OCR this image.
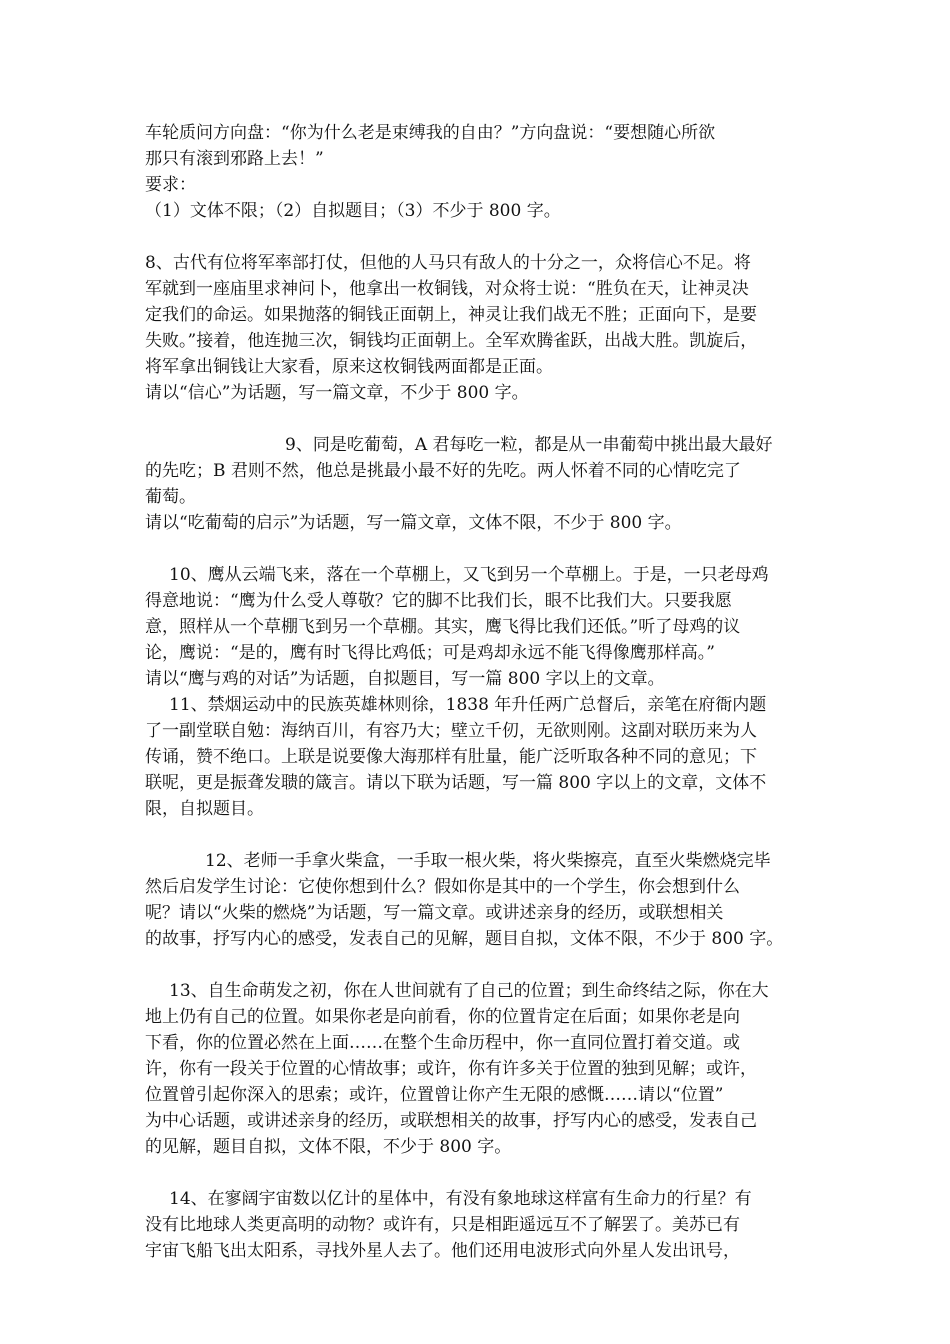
车轮质问方向盘：“你为什么老是束缚我的自由？”方向盘说：“要想随心所欲
那只有滚到邪路上去！”
要求：
（1）文体不限；（2）自拟题目；（3）不少于 800 字。
8、古代有位将军率部打仗，但他的人马只有敌人的十分之一，众将信心不足。将
军就到一座庙里求神问卜，他拿出一枚铜钱，对众将士说：“胜负在天，让神灵决
定我们的命运。如果抛落的铜钱正面朝上，神灵让我们战无不胜；正面向下，是要
失败。”接着，他连抛三次，铜钱均正面朝上。全军欢腾雀跃，出战大胜。凯旋后，
将军拿出铜钱让大家看，原来这枚铜钱两面都是正面。
请以“信心”为话题，写一篇文章，不少于 800 字。
9、同是吃葡萄，A 君每吃一粒，都是从一串葡萄中挑出最大最好
的先吃；B 君则不然，他总是挑最小最不好的先吃。两人怀着不同的心情吃完了
葡萄。
请以“吃葡萄的启示”为话题，写一篇文章，文体不限，不少于 800 字。
10、鹰从云端飞来，落在一个草棚上，又飞到另一个草棚上。于是，一只老母鸡
得意地说：“鹰为什么受人尊敬？它的脚不比我们长，眼不比我们大。只要我愿
意，照样从一个草棚飞到另一个草棚。其实，鹰飞得比我们还低。”听了母鸡的议
论，鹰说：“是的，鹰有时飞得比鸡低；可是鸡却永远不能飞得像鹰那样高。”
请以“鹰与鸡的对话”为话题，自拟题目，写一篇 800 字以上的文章。
11、禁烟运动中的民族英雄林则徐，1838 年升任两广总督后，亲笔在府衙内题
了一副堂联自勉：海纳百川，有容乃大；壁立千仞，无欲则刚。这副对联历来为人
传诵，赞不绝口。上联是说要像大海那样有肚量，能广泛听取各种不同的意见；下
联呢，更是振聋发聩的箴言。请以下联为话题，写一篇 800 字以上的文章，文体不
限，自拟题目。
12、老师一手拿火柴盒，一手取一根火柴，将火柴擦亮，直至火柴燃烧完毕
然后启发学生讨论：它使你想到什么？假如你是其中的一个学生，你会想到什么
呢？请以“火柴的燃烧”为话题，写一篇文章。或讲述亲身的经历，或联想相关
的故事，抒写内心的感受，发表自己的见解，题目自拟，文体不限，不少于 800 字。
13、自生命萌发之初，你在人世间就有了自己的位置；到生命终结之际，你在大
地上仍有自己的位置。如果你老是向前看，你的位置肯定在后面；如果你老是向
下看，你的位置必然在上面……在整个生命历程中，你一直同位置打着交道。或
许，你有一段关于位置的心情故事；或许，你有许多关于位置的独到见解；或许，
位置曾引起你深入的思索；或许，位置曾让你产生无限的感慨……请以“位置”
为中心话题，或讲述亲身的经历，或联想相关的故事，抒写内心的感受，发表自己
的见解，题目自拟，文体不限，不少于 800 字。
14、在寥阔宇宙数以亿计的星体中，有没有象地球这样富有生命力的行星？有
没有比地球人类更高明的动物？或许有，只是相距遥远互不了解罢了。美苏已有
宇宙飞船飞出太阳系，寻找外星人去了。他们还用电波形式向外星人发出讯号，
